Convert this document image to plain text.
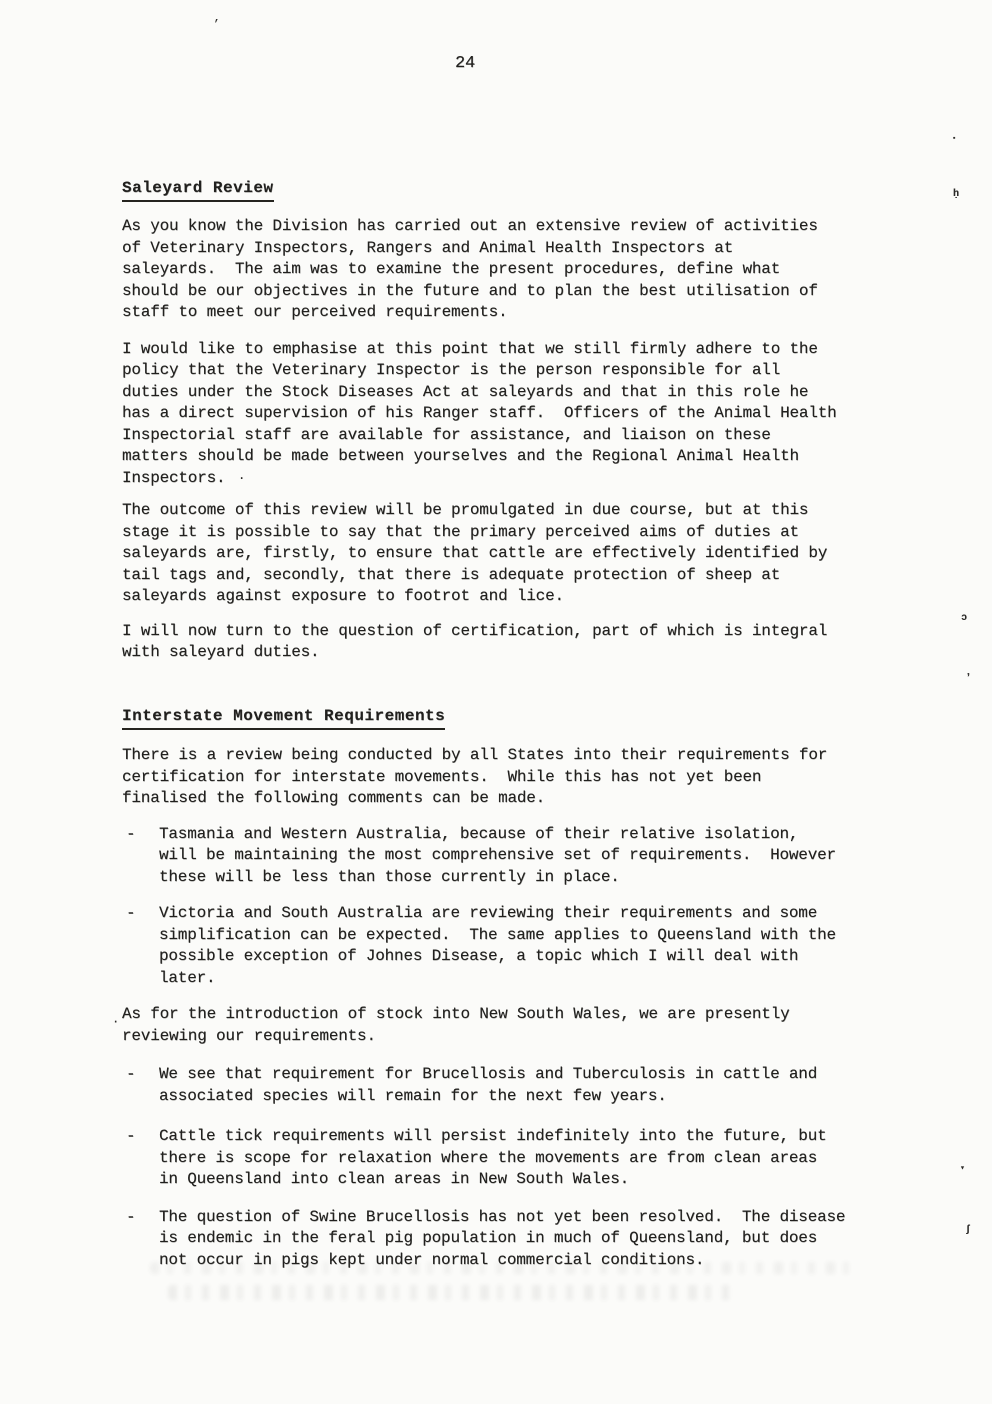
24
Saleyard Review
As you know the Division has carried out an extensive review of activities
of Veterinary Inspectors, Rangers and Animal Health Inspectors at
saleyards.  The aim was to examine the present procedures, define what
should be our objectives in the future and to plan the best utilisation of
staff to meet our perceived requirements.
I would like to emphasise at this point that we still firmly adhere to the
policy that the Veterinary Inspector is the person responsible for all
duties under the Stock Diseases Act at saleyards and that in this role he
has a direct supervision of his Ranger staff.  Officers of the Animal Health
Inspectorial staff are available for assistance, and liaison on these
matters should be made between yourselves and the Regional Animal Health
Inspectors.
The outcome of this review will be promulgated in due course, but at this
stage it is possible to say that the primary perceived aims of duties at
saleyards are, firstly, to ensure that cattle are effectively identified by
tail tags and, secondly, that there is adequate protection of sheep at
saleyards against exposure to footrot and lice.
I will now turn to the question of certification, part of which is integral
with saleyard duties.
Interstate Movement Requirements
There is a review being conducted by all States into their requirements for
certification for interstate movements.  While this has not yet been
finalised the following comments can be made.
-	Tasmania and Western Australia, because of their relative isolation,
will be maintaining the most comprehensive set of requirements.  However
these will be less than those currently in place.
-	Victoria and South Australia are reviewing their requirements and some
simplification can be expected.  The same applies to Queensland with the
possible exception of Johnes Disease, a topic which I will deal with
later.
As for the introduction of stock into New South Wales, we are presently
reviewing our requirements.
-	We see that requirement for Brucellosis and Tuberculosis in cattle and
associated species will remain for the next few years.
-	Cattle tick requirements will persist indefinitely into the future, but
there is scope for relaxation where the movements are from clean areas
in Queensland into clean areas in New South Wales.
-	The question of Swine Brucellosis has not yet been resolved.  The disease
is endemic in the feral pig population in much of Queensland, but does
not occur in pigs kept under normal commercial conditions.
’
▪
ḥ
.
ɔ
ʼ
·
▾
ʃ
